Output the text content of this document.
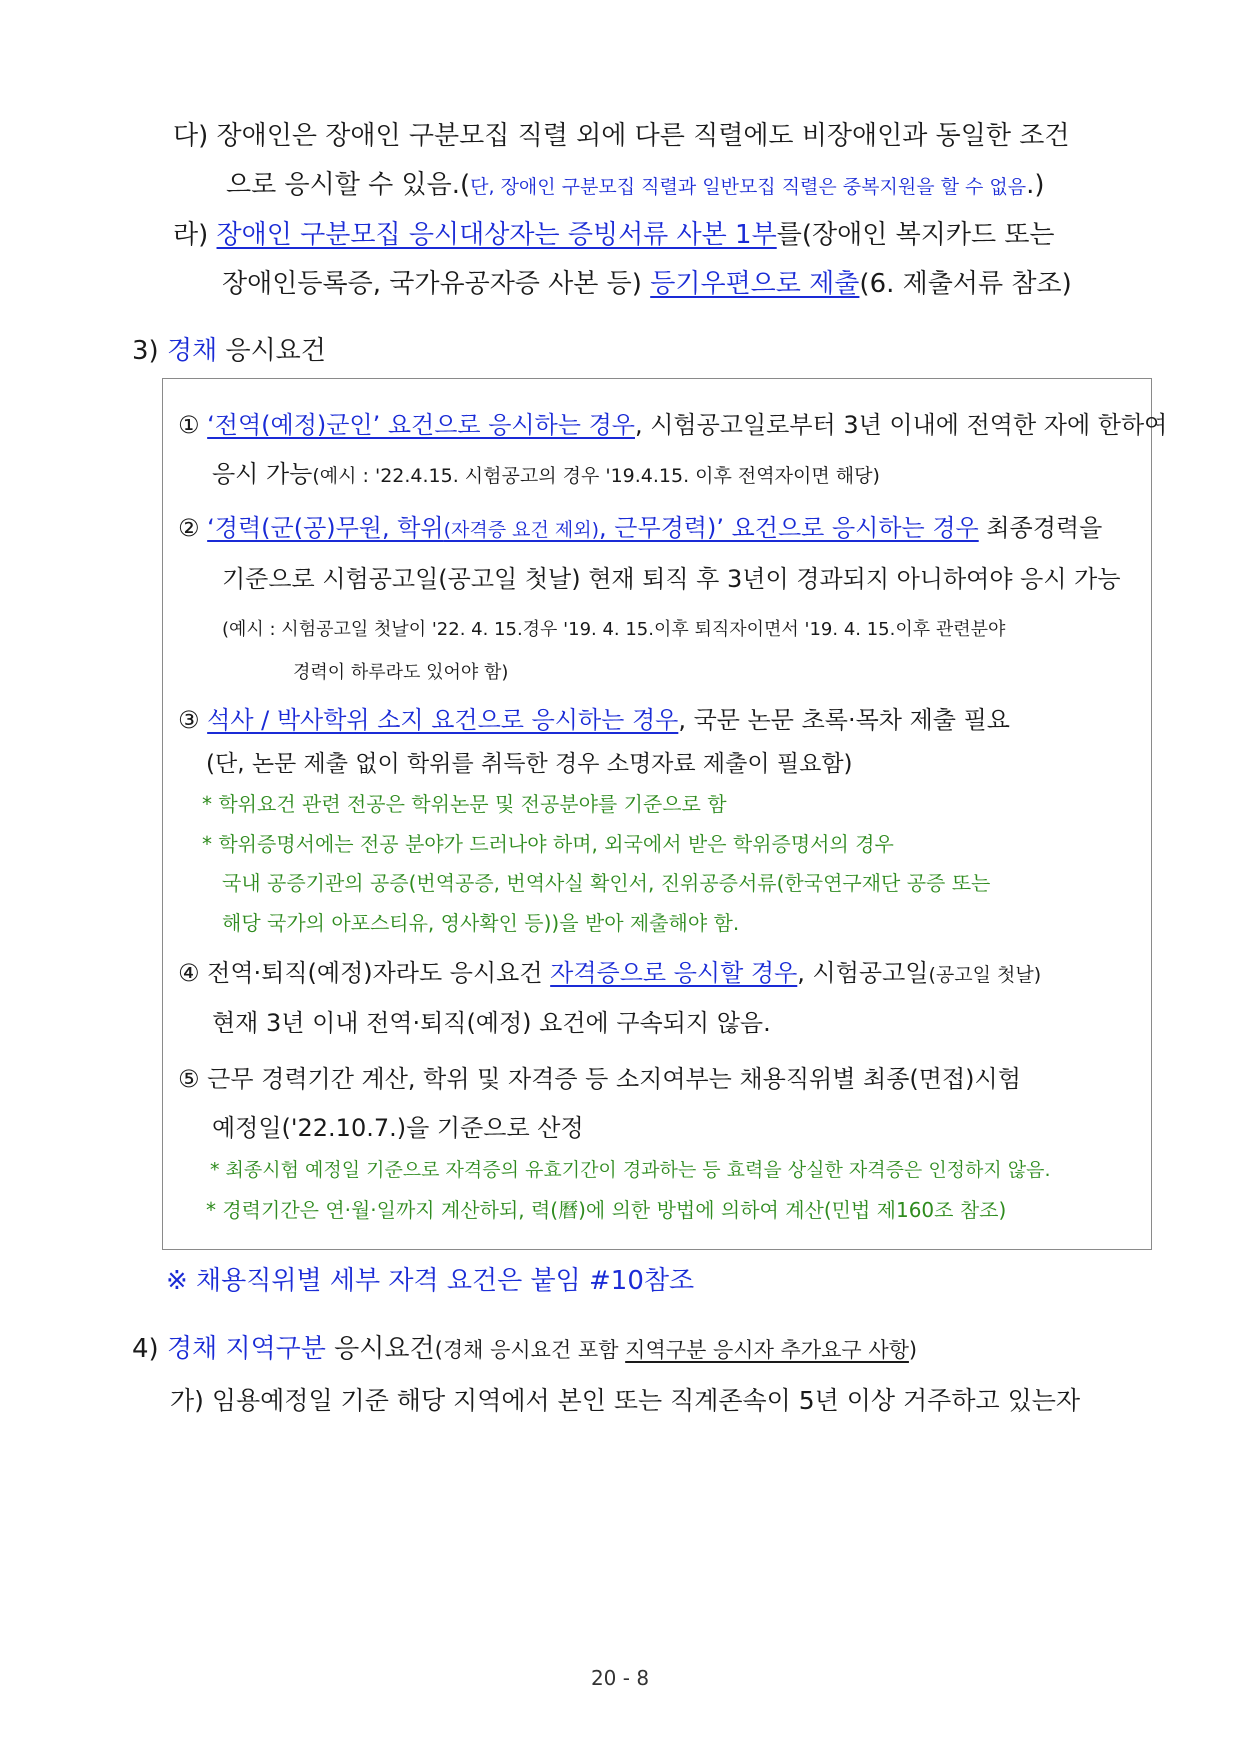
다) 장애인은 장애인 구분모집 직렬 외에 다른 직렬에도 비장애인과 동일한 조건
으로 응시할 수 있음.(단, 장애인 구분모집 직렬과 일반모집 직렬은 중복지원을 할 수 없음.)
라) 장애인 구분모집 응시대상자는 증빙서류 사본 1부를(장애인 복지카드 또는
장애인등록증, 국가유공자증 사본 등) 등기우편으로 제출(6. 제출서류 참조)
3) 경채 응시요건
① ‘전역(예정)군인’ 요건으로 응시하는 경우, 시험공고일로부터 3년 이내에 전역한 자에 한하여
응시 가능(예시 : '22.4.15. 시험공고의 경우 '19.4.15. 이후 전역자이면 해당)
② ‘경력(군(공)무원, 학위(자격증 요건 제외), 근무경력)’ 요건으로 응시하는 경우 최종경력을
기준으로 시험공고일(공고일 첫날) 현재 퇴직 후 3년이 경과되지 아니하여야 응시 가능
(예시 : 시험공고일 첫날이 '22. 4. 15.경우 '19. 4. 15.이후 퇴직자이면서 '19. 4. 15.이후 관련분야
경력이 하루라도 있어야 함)
③ 석사 / 박사학위 소지 요건으로 응시하는 경우, 국문 논문 초록·목차 제출 필요
(단, 논문 제출 없이 학위를 취득한 경우 소명자료 제출이 필요함)
* 학위요건 관련 전공은 학위논문 및 전공분야를 기준으로 함
* 학위증명서에는 전공 분야가 드러나야 하며, 외국에서 받은 학위증명서의 경우
국내 공증기관의 공증(번역공증, 번역사실 확인서, 진위공증서류(한국연구재단 공증 또는
해당 국가의 아포스티유, 영사확인 등))을 받아 제출해야 함.
④ 전역·퇴직(예정)자라도 응시요건 자격증으로 응시할 경우, 시험공고일(공고일 첫날)
현재 3년 이내 전역·퇴직(예정) 요건에 구속되지 않음.
⑤ 근무 경력기간 계산, 학위 및 자격증 등 소지여부는 채용직위별 최종(면접)시험
예정일('22.10.7.)을 기준으로 산정
* 최종시험 예정일 기준으로 자격증의 유효기간이 경과하는 등 효력을 상실한 자격증은 인정하지 않음.
* 경력기간은 연·월·일까지 계산하되, 력(曆)에 의한 방법에 의하여 계산(민법 제160조 참조)
※ 채용직위별 세부 자격 요건은 붙임 #10참조
4) 경채 지역구분 응시요건(경채 응시요건 포함 지역구분 응시자 추가요구 사항)
가) 임용예정일 기준 해당 지역에서 본인 또는 직계존속이 5년 이상 거주하고 있는자
20 - 8
